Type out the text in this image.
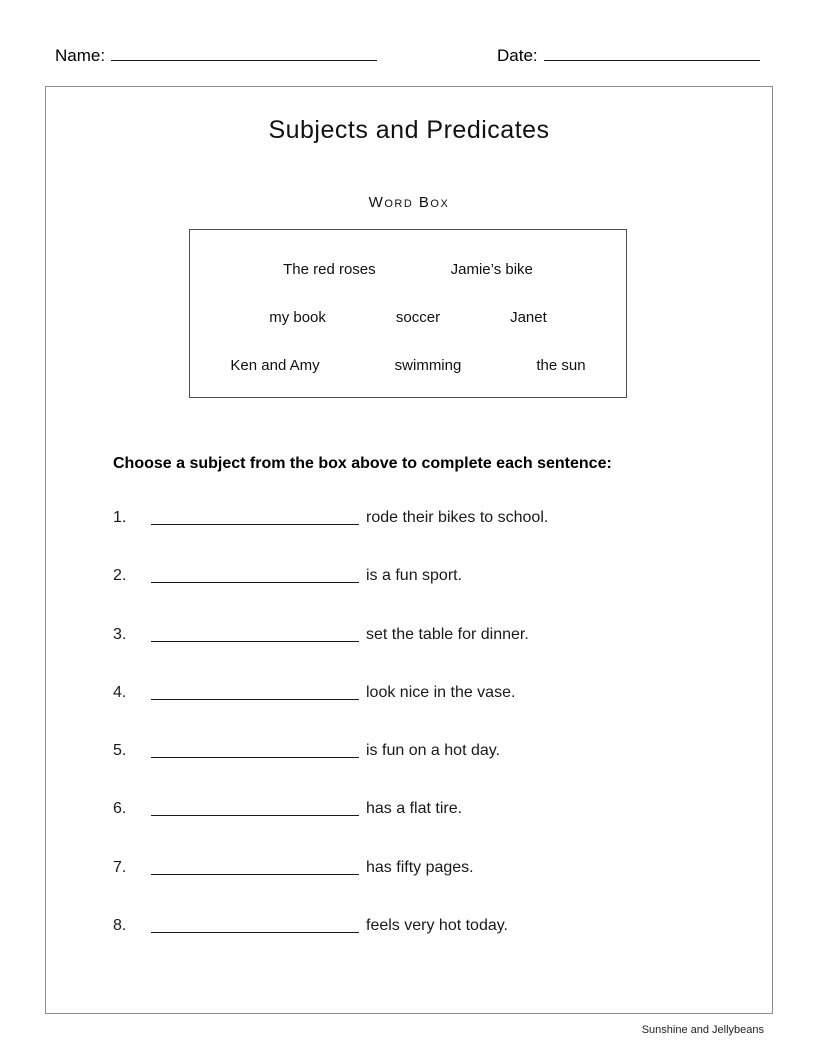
Name:	Date:
Subjects and Predicates
Word Box
The red roses	Jamie’s bike
my book	soccer	Janet
Ken and Amy	swimming	the sun
Choose a subject from the box above to complete each sentence:
1.	rode their bikes to school.
2.	is a fun sport.
3.	set the table for dinner.
4.	look nice in the vase.
5.	is fun on a hot day.
6.	has a flat tire.
7.	has fifty pages.
8.	feels very hot today.
Sunshine and Jellybeans
